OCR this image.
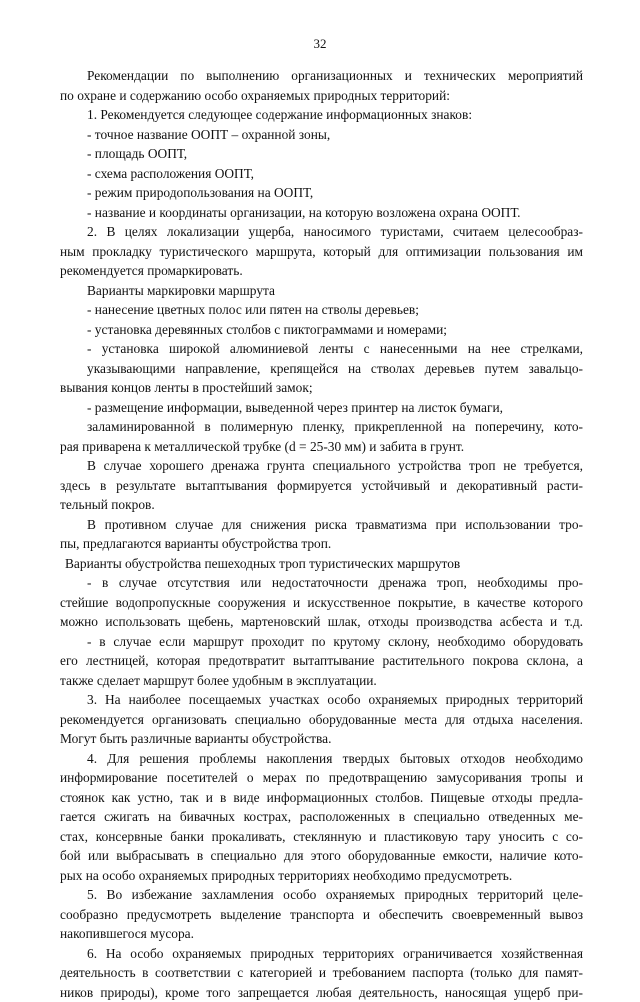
32
Рекомендации по выполнению организационных и технических мероприятий
по охране и содержанию особо охраняемых природных территорий:
1. Рекомендуется следующее содержание информационных знаков:
- точное название ООПТ – охранной зоны,
- площадь ООПТ,
- схема расположения ООПТ,
- режим природопользования на ООПТ,
- название и координаты организации, на которую возложена охрана ООПТ.
2. В целях локализации ущерба, наносимого туристами, считаем целесообраз-
ным прокладку туристического маршрута, который для оптимизации пользования им
рекомендуется промаркировать.
Варианты маркировки маршрута
- нанесение цветных полос или пятен на стволы деревьев;
- установка деревянных столбов с пиктограммами и номерами;
- установка широкой алюминиевой ленты с нанесенными на нее стрелками,
указывающими направление, крепящейся на стволах деревьев путем завальцо-
вывания концов ленты в простейший замок;
- размещение информации, выведенной через принтер на листок бумаги,
заламинированной в полимерную пленку, прикрепленной на поперечину, кото-
рая приварена к металлической трубке (d = 25-30 мм) и забита в грунт.
В случае хорошего дренажа грунта специального устройства троп не требуется,
здесь в результате вытаптывания формируется устойчивый и декоративный расти-
тельный покров.
В противном случае для снижения риска травматизма при использовании тро-
пы, предлагаются варианты обустройства троп.
Варианты обустройства пешеходных троп туристических маршрутов
- в случае отсутствия или недостаточности дренажа троп, необходимы про-
стейшие водопропускные сооружения и искусственное покрытие, в качестве которого
можно использовать щебень, мартеновский шлак, отходы производства асбеста и т.д.
- в случае если маршрут проходит по крутому склону, необходимо оборудовать
его лестницей, которая предотвратит вытаптывание растительного покрова склона, а
также сделает маршрут более удобным в эксплуатации.
3. На наиболее посещаемых участках особо охраняемых природных территорий
рекомендуется организовать специально оборудованные места для отдыха населения.
Могут быть различные варианты обустройства.
4. Для решения проблемы накопления твердых бытовых отходов необходимо
информирование посетителей о мерах по предотвращению замусоривания тропы и
стоянок как устно, так и в виде информационных столбов. Пищевые отходы предла-
гается сжигать на бивачных кострах, расположенных в специально отведенных ме-
стах, консервные банки прокаливать, стеклянную и пластиковую тару уносить с со-
бой или выбрасывать в специально для этого оборудованные емкости, наличие кото-
рых на особо охраняемых природных территориях необходимо предусмотреть.
5. Во избежание захламления особо охраняемых природных территорий целе-
сообразно предусмотреть выделение транспорта и обеспечить своевременный вывоз
накопившегося мусора.
6. На особо охраняемых природных территориях ограничивается хозяйственная
деятельность в соответствии с категорией и требованием паспорта (только для памят-
ников природы), кроме того запрещается любая деятельность, наносящая ущерб при-
